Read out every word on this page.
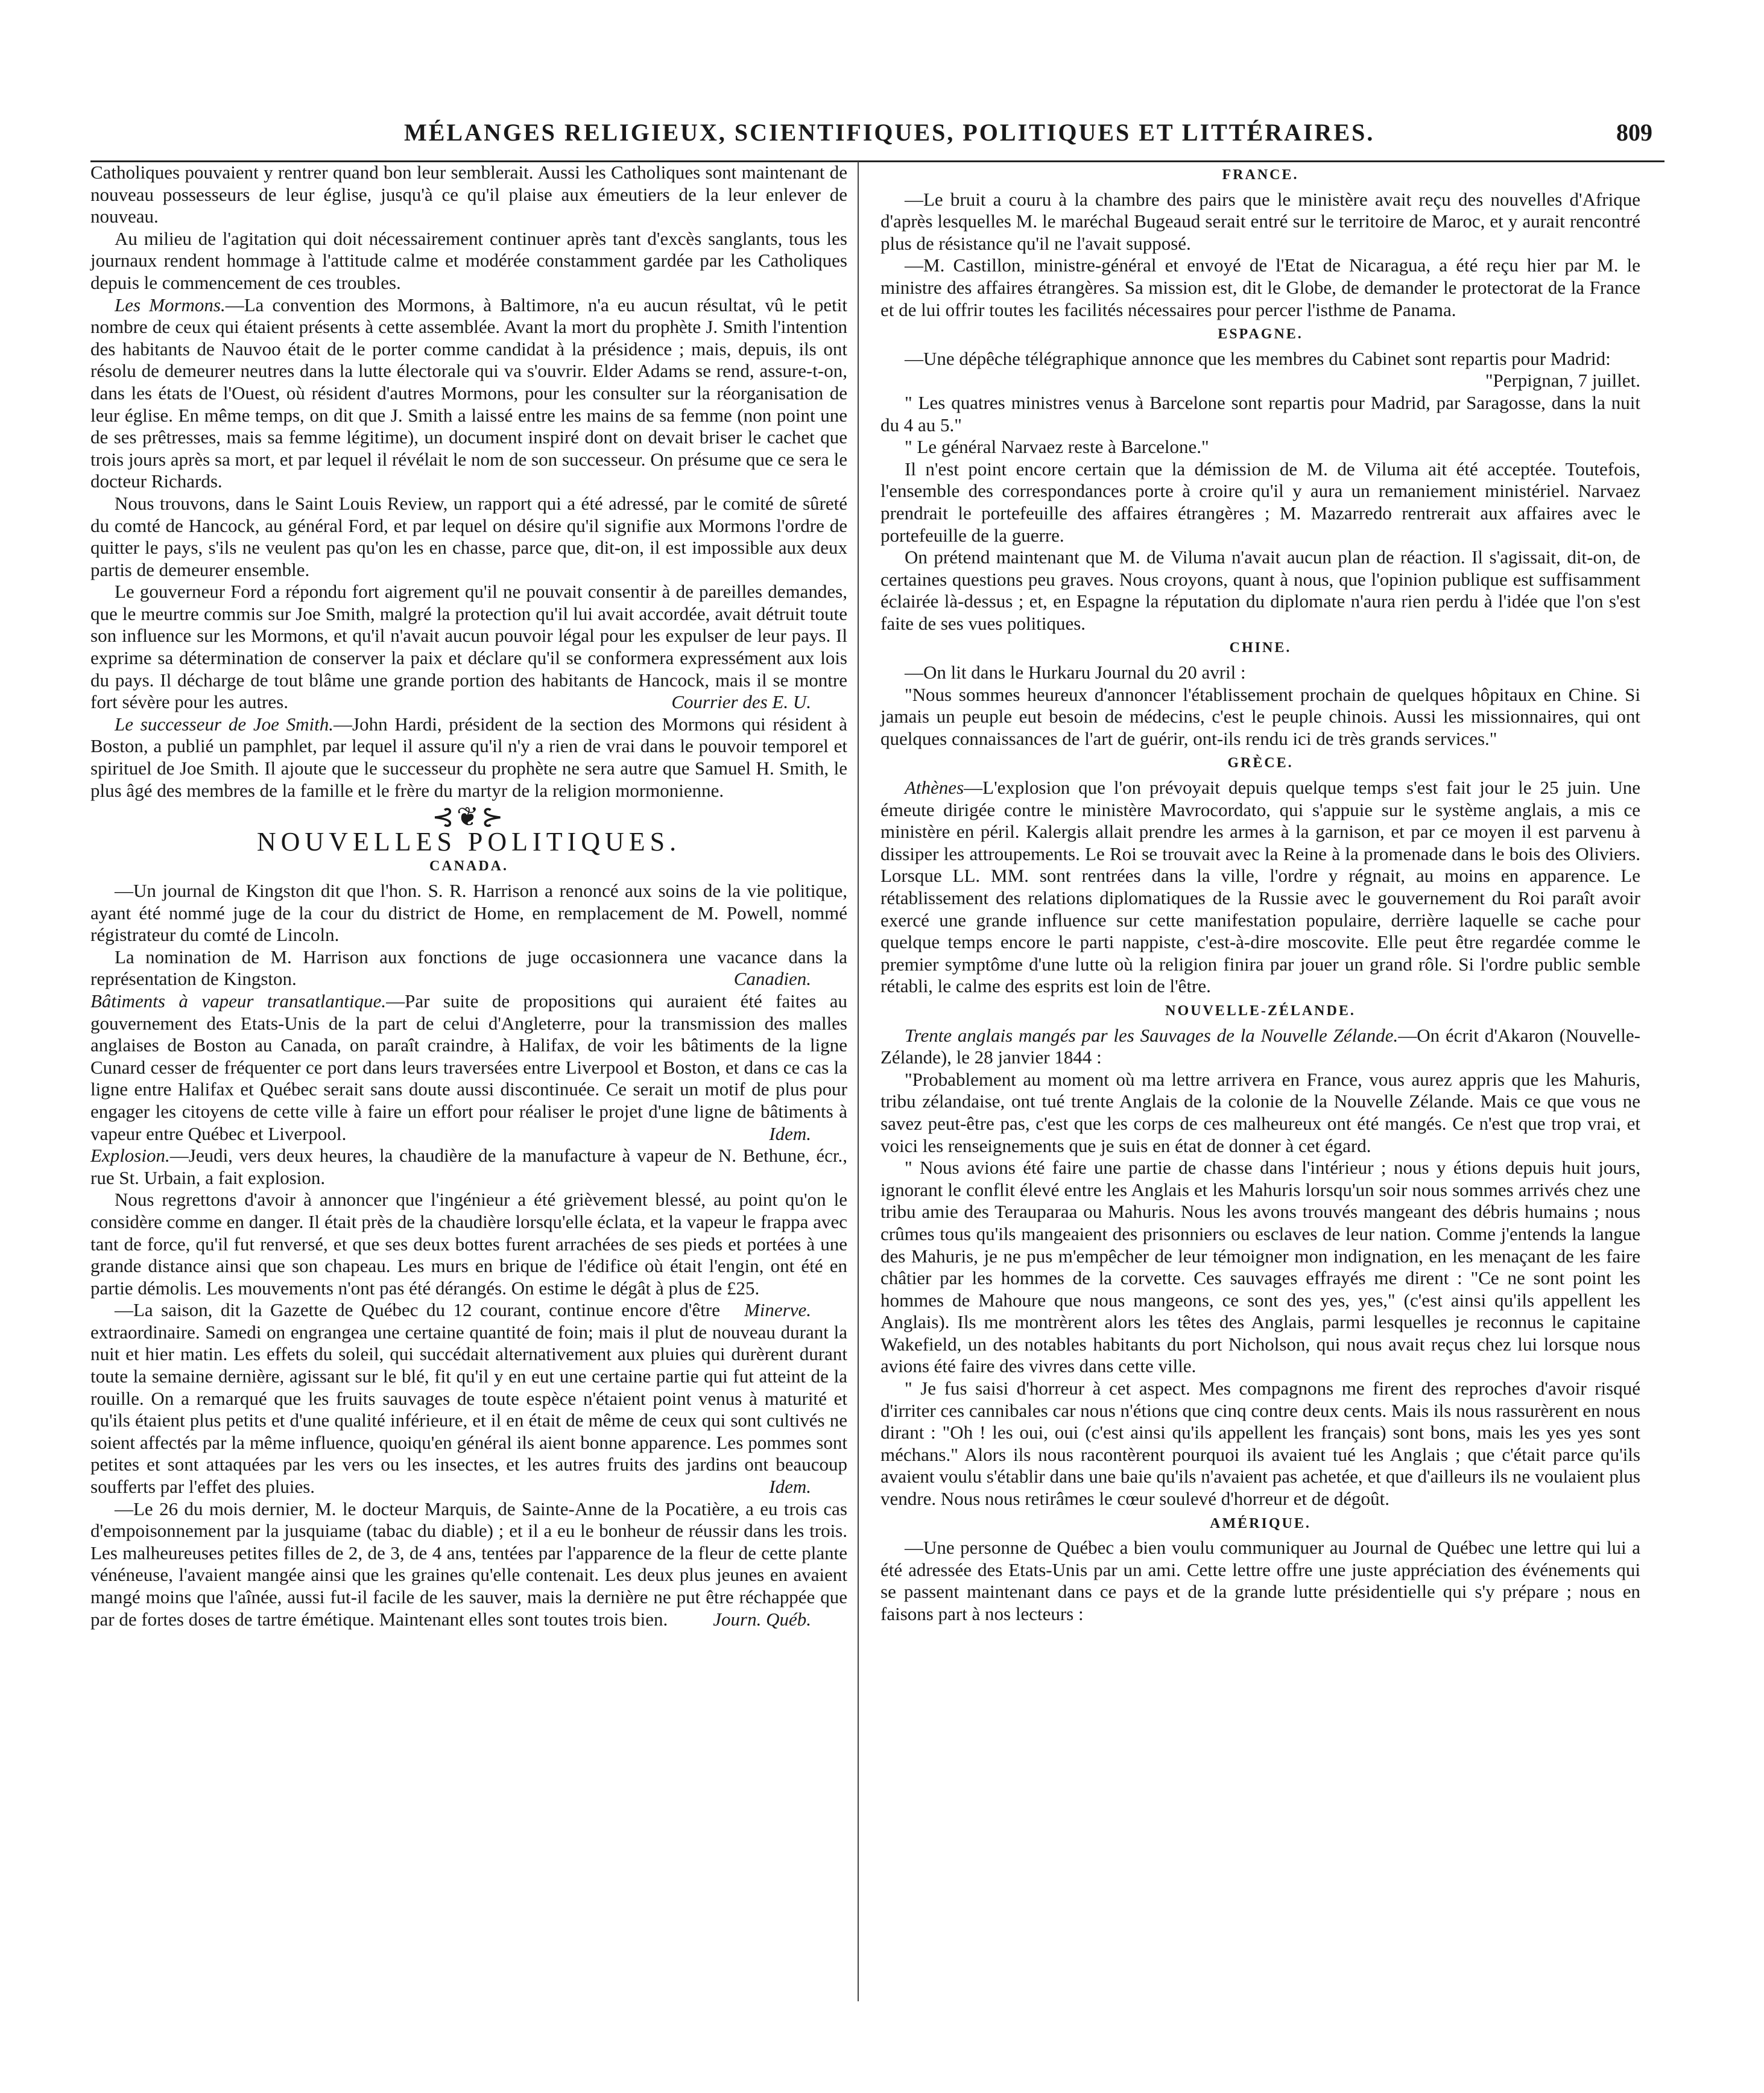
MÉLANGES RELIGIEUX, SCIENTIFIQUES, POLITIQUES ET LITTÉRAIRES.	809

Catholiques pouvaient y rentrer quand bon leur semblerait. Aussi les Catholiques sont maintenant de nouveau possesseurs de leur église, jusqu'à ce qu'il plaise aux émeutiers de la leur enlever de nouveau.

Au milieu de l'agitation qui doit nécessairement continuer après tant d'excès sanglants, tous les journaux rendent hommage à l'attitude calme et modérée constamment gardée par les Catholiques depuis le commencement de ces troubles.

Les Mormons.—La convention des Mormons, à Baltimore, n'a eu aucun résultat, vû le petit nombre de ceux qui étaient présents à cette assemblée. Avant la mort du prophète J. Smith l'intention des habitants de Nauvoo était de le porter comme candidat à la présidence ; mais, depuis, ils ont résolu de demeurer neutres dans la lutte électorale qui va s'ouvrir. Elder Adams se rend, assure-t-on, dans les états de l'Ouest, où résident d'autres Mormons, pour les consulter sur la réorganisation de leur église. En même temps, on dit que J. Smith a laissé entre les mains de sa femme (non point une de ses prêtresses, mais sa femme légitime), un document inspiré dont on devait briser le cachet que trois jours après sa mort, et par lequel il révélait le nom de son successeur. On présume que ce sera le docteur Richards.

Nous trouvons, dans le Saint Louis Review, un rapport qui a été adressé, par le comité de sûreté du comté de Hancock, au général Ford, et par lequel on désire qu'il signifie aux Mormons l'ordre de quitter le pays, s'ils ne veulent pas qu'on les en chasse, parce que, dit-on, il est impossible aux deux partis de demeurer ensemble.

Le gouverneur Ford a répondu fort aigrement qu'il ne pouvait consentir à de pareilles demandes, que le meurtre commis sur Joe Smith, malgré la protection qu'il lui avait accordée, avait détruit toute son influence sur les Mormons, et qu'il n'avait aucun pouvoir légal pour les expulser de leur pays. Il exprime sa détermination de conserver la paix et déclare qu'il se conformera expressément aux lois du pays. Il décharge de tout blâme une grande portion des habitants de Hancock, mais il se montre fort sévère pour les autres.	Courrier des E. U.

Le successeur de Joe Smith.—John Hardi, président de la section des Mormons qui résident à Boston, a publié un pamphlet, par lequel il assure qu'il n'y a rien de vrai dans le pouvoir temporel et spirituel de Joe Smith. Il ajoute que le successeur du prophète ne sera autre que Samuel H. Smith, le plus âgé des membres de la famille et le frère du martyr de la religion mormonienne.

⊰❦⊱
NOUVELLES POLITIQUES.
CANADA.

—Un journal de Kingston dit que l'hon. S. R. Harrison a renoncé aux soins de la vie politique, ayant été nommé juge de la cour du district de Home, en remplacement de M. Powell, nommé régistrateur du comté de Lincoln.

La nomination de M. Harrison aux fonctions de juge occasionnera une vacance dans la représentation de Kingston.	Canadien.

Bâtiments à vapeur transatlantique.—Par suite de propositions qui auraient été faites au gouvernement des Etats-Unis de la part de celui d'Angleterre, pour la transmission des malles anglaises de Boston au Canada, on paraît craindre, à Halifax, de voir les bâtiments de la ligne Cunard cesser de fréquenter ce port dans leurs traversées entre Liverpool et Boston, et dans ce cas la ligne entre Halifax et Québec serait sans doute aussi discontinuée. Ce serait un motif de plus pour engager les citoyens de cette ville à faire un effort pour réaliser le projet d'une ligne de bâtiments à vapeur entre Québec et Liverpool.	Idem.

Explosion.—Jeudi, vers deux heures, la chaudière de la manufacture à vapeur de N. Bethune, écr., rue St. Urbain, a fait explosion.

Nous regrettons d'avoir à annoncer que l'ingénieur a été grièvement blessé, au point qu'on le considère comme en danger. Il était près de la chaudière lorsqu'elle éclata, et la vapeur le frappa avec tant de force, qu'il fut renversé, et que ses deux bottes furent arrachées de ses pieds et portées à une grande distance ainsi que son chapeau. Les murs en brique de l'édifice où était l'engin, ont été en partie démolis. Les mouvements n'ont pas été dérangés. On estime le dégât à plus de £25.
Minerve.

—La saison, dit la Gazette de Québec du 12 courant, continue encore d'être extraordinaire. Samedi on engrangea une certaine quantité de foin; mais il plut de nouveau durant la nuit et hier matin. Les effets du soleil, qui succédait alternativement aux pluies qui durèrent durant toute la semaine dernière, agissant sur le blé, fit qu'il y en eut une certaine partie qui fut atteint de la rouille. On a remarqué que les fruits sauvages de toute espèce n'étaient point venus à maturité et qu'ils étaient plus petits et d'une qualité inférieure, et il en était de même de ceux qui sont cultivés ne soient affectés par la même influence, quoiqu'en général ils aient bonne apparence. Les pommes sont petites et sont attaquées par les vers ou les insectes, et les autres fruits des jardins ont beaucoup soufferts par l'effet des pluies.	Idem.

—Le 26 du mois dernier, M. le docteur Marquis, de Sainte-Anne de la Pocatière, a eu trois cas d'empoisonnement par la jusquiame (tabac du diable) ; et il a eu le bonheur de réussir dans les trois. Les malheureuses petites filles de 2, de 3, de 4 ans, tentées par l'apparence de la fleur de cette plante vénéneuse, l'avaient mangée ainsi que les graines qu'elle contenait. Les deux plus jeunes en avaient mangé moins que l'aînée, aussi fut-il facile de les sauver, mais la dernière ne put être réchappée que par de fortes doses de tartre émétique. Maintenant elles sont toutes trois bien.	Journ. Québ.

FRANCE.

—Le bruit a couru à la chambre des pairs que le ministère avait reçu des nouvelles d'Afrique d'après lesquelles M. le maréchal Bugeaud serait entré sur le territoire de Maroc, et y aurait rencontré plus de résistance qu'il ne l'avait supposé.

—M. Castillon, ministre-général et envoyé de l'Etat de Nicaragua, a été reçu hier par M. le ministre des affaires étrangères. Sa mission est, dit le Globe, de demander le protectorat de la France et de lui offrir toutes les facilités nécessaires pour percer l'isthme de Panama.

ESPAGNE.

—Une dépêche télégraphique annonce que les membres du Cabinet sont repartis pour Madrid:

"Perpignan, 7 juillet.

" Les quatres ministres venus à Barcelone sont repartis pour Madrid, par Saragosse, dans la nuit du 4 au 5."

" Le général Narvaez reste à Barcelone."

Il n'est point encore certain que la démission de M. de Viluma ait été acceptée. Toutefois, l'ensemble des correspondances porte à croire qu'il y aura un remaniement ministériel. Narvaez prendrait le portefeuille des affaires étrangères ; M. Mazarredo rentrerait aux affaires avec le portefeuille de la guerre.

On prétend maintenant que M. de Viluma n'avait aucun plan de réaction. Il s'agissait, dit-on, de certaines questions peu graves. Nous croyons, quant à nous, que l'opinion publique est suffisamment éclairée là-dessus ; et, en Espagne la réputation du diplomate n'aura rien perdu à l'idée que l'on s'est faite de ses vues politiques.

CHINE.

—On lit dans le Hurkaru Journal du 20 avril :

"Nous sommes heureux d'annoncer l'établissement prochain de quelques hôpitaux en Chine. Si jamais un peuple eut besoin de médecins, c'est le peuple chinois. Aussi les missionnaires, qui ont quelques connaissances de l'art de guérir, ont-ils rendu ici de très grands services."

GRÈCE.

Athènes—L'explosion que l'on prévoyait depuis quelque temps s'est fait jour le 25 juin. Une émeute dirigée contre le ministère Mavrocordato, qui s'appuie sur le système anglais, a mis ce ministère en péril. Kalergis allait prendre les armes à la garnison, et par ce moyen il est parvenu à dissiper les attroupements. Le Roi se trouvait avec la Reine à la promenade dans le bois des Oliviers. Lorsque LL. MM. sont rentrées dans la ville, l'ordre y régnait, au moins en apparence. Le rétablissement des relations diplomatiques de la Russie avec le gouvernement du Roi paraît avoir exercé une grande influence sur cette manifestation populaire, derrière laquelle se cache pour quelque temps encore le parti nappiste, c'est-à-dire moscovite. Elle peut être regardée comme le premier symptôme d'une lutte où la religion finira par jouer un grand rôle. Si l'ordre public semble rétabli, le calme des esprits est loin de l'être.

NOUVELLE-ZÉLANDE.

Trente anglais mangés par les Sauvages de la Nouvelle Zélande.—On écrit d'Akaron (Nouvelle-Zélande), le 28 janvier 1844 :

"Probablement au moment où ma lettre arrivera en France, vous aurez appris que les Mahuris, tribu zélandaise, ont tué trente Anglais de la colonie de la Nouvelle Zélande. Mais ce que vous ne savez peut-être pas, c'est que les corps de ces malheureux ont été mangés. Ce n'est que trop vrai, et voici les renseignements que je suis en état de donner à cet égard.

" Nous avions été faire une partie de chasse dans l'intérieur ; nous y étions depuis huit jours, ignorant le conflit élevé entre les Anglais et les Mahuris lorsqu'un soir nous sommes arrivés chez une tribu amie des Terauparaa ou Mahuris. Nous les avons trouvés mangeant des débris humains ; nous crûmes tous qu'ils mangeaient des prisonniers ou esclaves de leur nation. Comme j'entends la langue des Mahuris, je ne pus m'empêcher de leur témoigner mon indignation, en les menaçant de les faire châtier par les hommes de la corvette. Ces sauvages effrayés me dirent : "Ce ne sont point les hommes de Mahoure que nous mangeons, ce sont des yes, yes," (c'est ainsi qu'ils appellent les Anglais). Ils me montrèrent alors les têtes des Anglais, parmi lesquelles je reconnus le capitaine Wakefield, un des notables habitants du port Nicholson, qui nous avait reçus chez lui lorsque nous avions été faire des vivres dans cette ville.

" Je fus saisi d'horreur à cet aspect. Mes compagnons me firent des reproches d'avoir risqué d'irriter ces cannibales car nous n'étions que cinq contre deux cents. Mais ils nous rassurèrent en nous dirant : "Oh ! les oui, oui (c'est ainsi qu'ils appellent les français) sont bons, mais les yes yes sont méchans." Alors ils nous racontèrent pourquoi ils avaient tué les Anglais ; que c'était parce qu'ils avaient voulu s'établir dans une baie qu'ils n'avaient pas achetée, et que d'ailleurs ils ne voulaient plus vendre. Nous nous retirâmes le cœur soulevé d'horreur et de dégoût.

AMÉRIQUE.

—Une personne de Québec a bien voulu communiquer au Journal de Québec une lettre qui lui a été adressée des Etats-Unis par un ami. Cette lettre offre une juste appréciation des événements qui se passent maintenant dans ce pays et de la grande lutte présidentielle qui s'y prépare ; nous en faisons part à nos lecteurs :
